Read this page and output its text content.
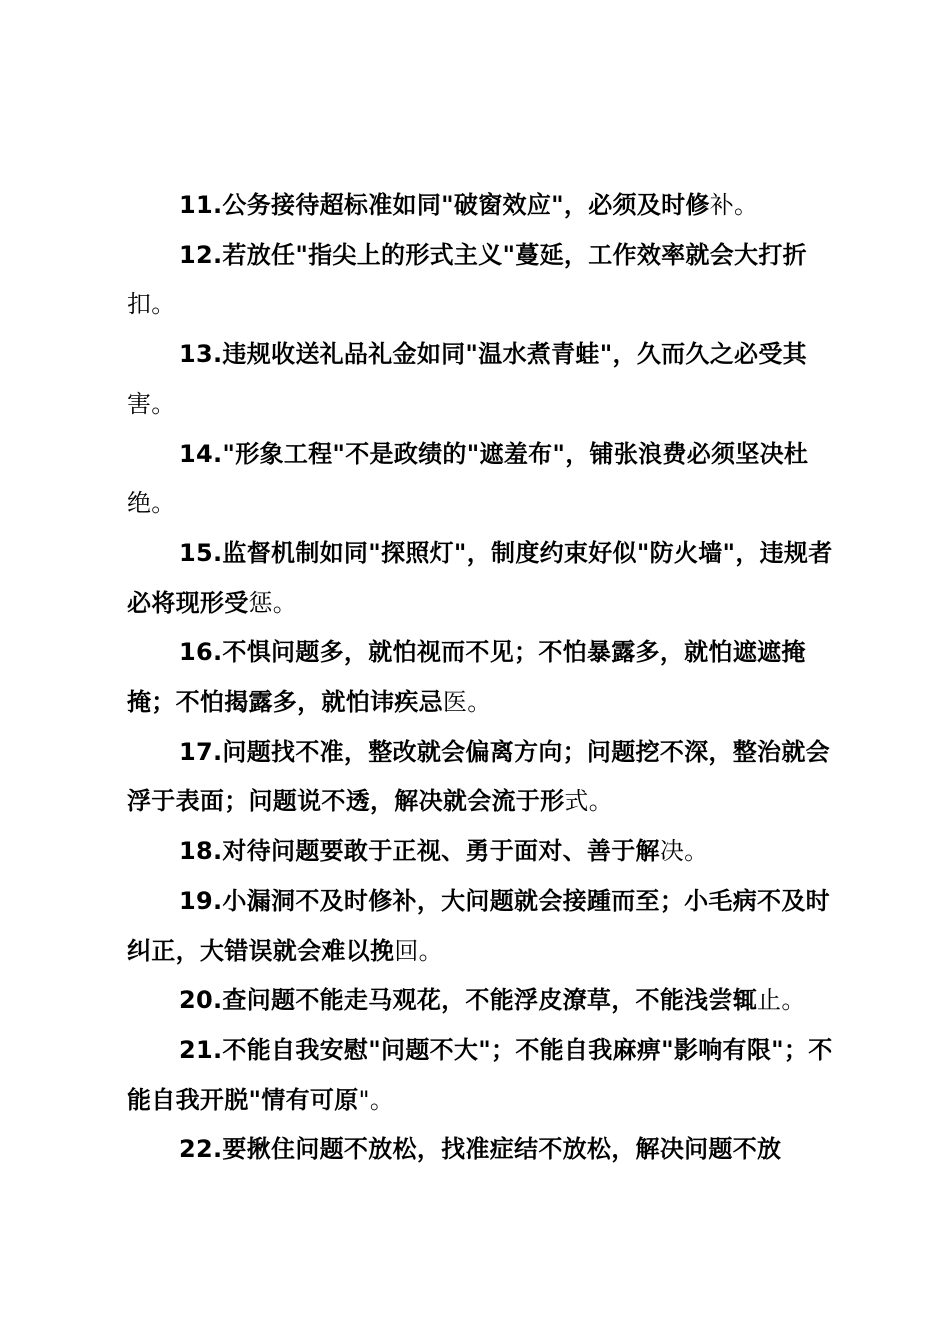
11.公务接待超标准如同"破窗效应"，必须及时修补。

12.若放任"指尖上的形式主义"蔓延，工作效率就会大打折扣。

13.违规收送礼品礼金如同"温水煮青蛙"，久而久之必受其害。

14."形象工程"不是政绩的"遮羞布"，铺张浪费必须坚决杜绝。

15.监督机制如同"探照灯"，制度约束好似"防火墙"，违规者必将现形受惩。

16.不惧问题多，就怕视而不见；不怕暴露多，就怕遮遮掩掩；不怕揭露多，就怕讳疾忌医。

17.问题找不准，整改就会偏离方向；问题挖不深，整治就会浮于表面；问题说不透，解决就会流于形式。

18.对待问题要敢于正视、勇于面对、善于解决。

19.小漏洞不及时修补，大问题就会接踵而至；小毛病不及时纠正，大错误就会难以挽回。

20.查问题不能走马观花，不能浮皮潦草，不能浅尝辄止。

21.不能自我安慰"问题不大"；不能自我麻痹"影响有限"；不能自我开脱"情有可原"。

22.要揪住问题不放松，找准症结不放松，解决问题不放
